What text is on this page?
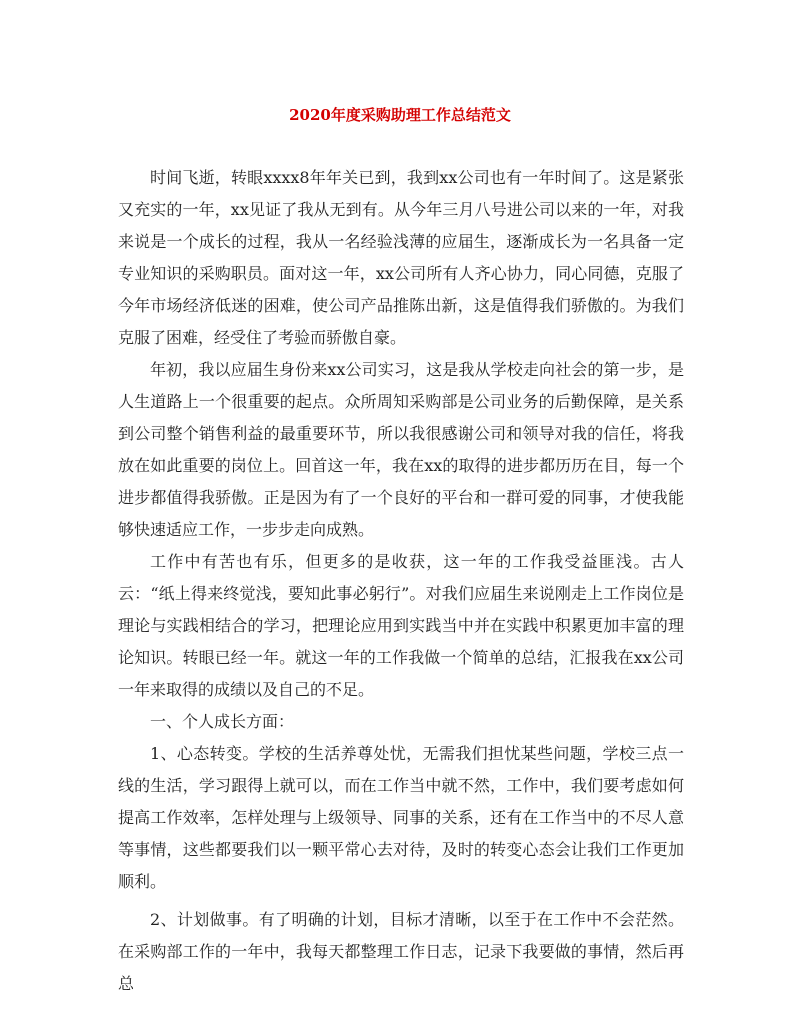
2020年度采购助理工作总结范文

时间飞逝，转眼xxxx8年年关已到，我到xx公司也有一年时间了。这是紧张又充实的一年，xx见证了我从无到有。从今年三月八号进公司以来的一年，对我来说是一个成长的过程，我从一名经验浅薄的应届生，逐渐成长为一名具备一定专业知识的采购职员。面对这一年，xx公司所有人齐心协力，同心同德，克服了今年市场经济低迷的困难，使公司产品推陈出新，这是值得我们骄傲的。为我们克服了困难，经受住了考验而骄傲自豪。

年初，我以应届生身份来xx公司实习，这是我从学校走向社会的第一步，是人生道路上一个很重要的起点。众所周知采购部是公司业务的后勤保障，是关系到公司整个销售利益的最重要环节，所以我很感谢公司和领导对我的信任，将我放在如此重要的岗位上。回首这一年，我在xx的取得的进步都历历在目，每一个进步都值得我骄傲。正是因为有了一个良好的平台和一群可爱的同事，才使我能够快速适应工作，一步步走向成熟。

工作中有苦也有乐，但更多的是收获，这一年的工作我受益匪浅。古人云：“纸上得来终觉浅，要知此事必躬行”。对我们应届生来说刚走上工作岗位是理论与实践相结合的学习，把理论应用到实践当中并在实践中积累更加丰富的理论知识。转眼已经一年。就这一年的工作我做一个简单的总结，汇报我在xx公司一年来取得的成绩以及自己的不足。

一、个人成长方面：

1、心态转变。学校的生活养尊处忧，无需我们担忧某些问题，学校三点一线的生活，学习跟得上就可以，而在工作当中就不然，工作中，我们要考虑如何提高工作效率，怎样处理与上级领导、同事的关系，还有在工作当中的不尽人意等事情，这些都要我们以一颗平常心去对待，及时的转变心态会让我们工作更加顺利。

2、计划做事。有了明确的计划，目标才清晰，以至于在工作中不会茫然。在采购部工作的一年中，我每天都整理工作日志，记录下我要做的事情，然后再总
